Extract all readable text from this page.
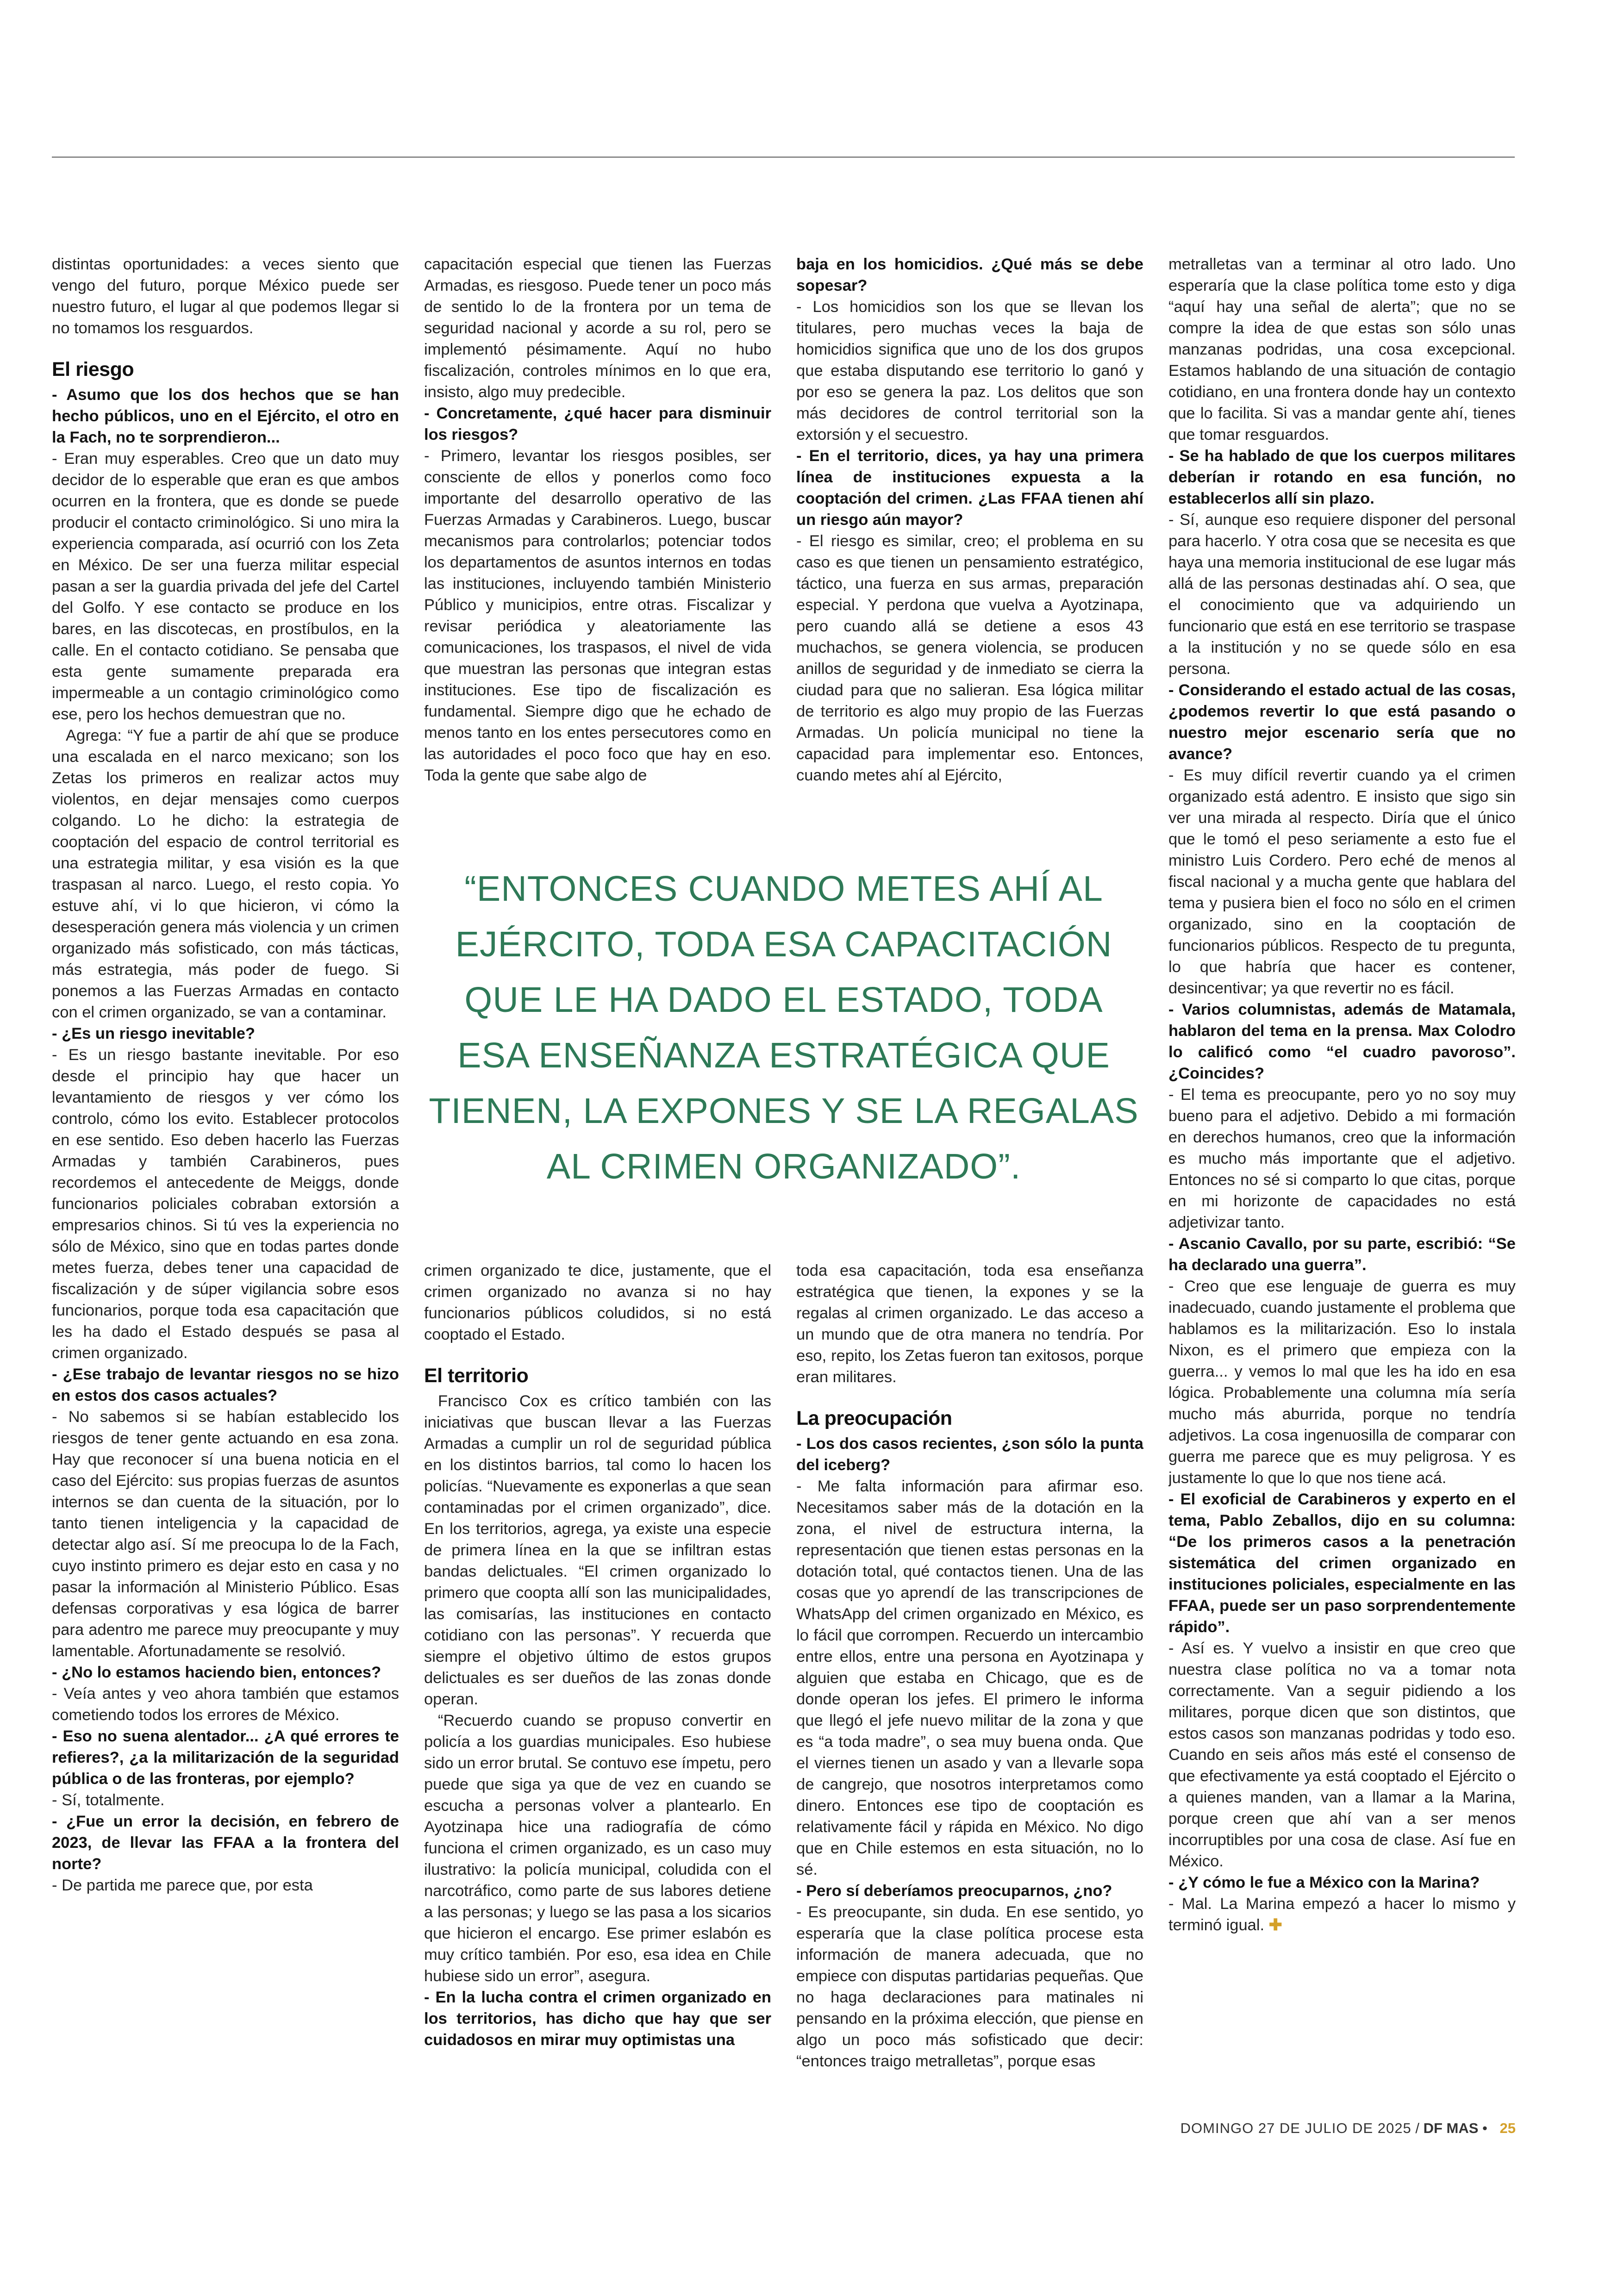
distintas oportunidades: a veces siento que vengo del futuro, porque México puede ser nuestro futuro, el lugar al que podemos llegar si no tomamos los resguardos.

El riesgo

- Asumo que los dos hechos que se han hecho públicos, uno en el Ejército, el otro en la Fach, no te sorprendieron...

- Eran muy esperables. Creo que un dato muy decidor de lo esperable que eran es que ambos ocurren en la frontera, que es donde se puede producir el contacto criminológico. Si uno mira la experiencia comparada, así ocurrió con los Zeta en México. De ser una fuerza militar especial pasan a ser la guardia privada del jefe del Cartel del Golfo. Y ese contacto se produce en los bares, en las discotecas, en prostíbulos, en la calle. En el contacto cotidiano. Se pensaba que esta gente sumamente preparada era impermeable a un contagio criminológico como ese, pero los hechos demuestran que no.

Agrega: “Y fue a partir de ahí que se produce una escalada en el narco mexicano; son los Zetas los primeros en realizar actos muy violentos, en dejar mensajes como cuerpos colgando. Lo he dicho: la estrategia de cooptación del espacio de control territorial es una estrategia militar, y esa visión es la que traspasan al narco. Luego, el resto copia. Yo estuve ahí, vi lo que hicieron, vi cómo la desesperación genera más violencia y un crimen organizado más sofisticado, con más tácticas, más estrategia, más poder de fuego. Si ponemos a las Fuerzas Armadas en contacto con el crimen organizado, se van a contaminar.

- ¿Es un riesgo inevitable?

- Es un riesgo bastante inevitable. Por eso desde el principio hay que hacer un levantamiento de riesgos y ver cómo los controlo, cómo los evito. Establecer protocolos en ese sentido. Eso deben hacerlo las Fuerzas Armadas y también Carabineros, pues recordemos el antecedente de Meiggs, donde funcionarios policiales cobraban extorsión a empresarios chinos. Si tú ves la experiencia no sólo de México, sino que en todas partes donde metes fuerza, debes tener una capacidad de fiscalización y de súper vigilancia sobre esos funcionarios, porque toda esa capacitación que les ha dado el Estado después se pasa al crimen organizado.

- ¿Ese trabajo de levantar riesgos no se hizo en estos dos casos actuales?

- No sabemos si se habían establecido los riesgos de tener gente actuando en esa zona. Hay que reconocer sí una buena noticia en el caso del Ejército: sus propias fuerzas de asuntos internos se dan cuenta de la situación, por lo tanto tienen inteligencia y la capacidad de detectar algo así. Sí me preocupa lo de la Fach, cuyo instinto primero es dejar esto en casa y no pasar la información al Ministerio Público. Esas defensas corporativas y esa lógica de barrer para adentro me parece muy preocupante y muy lamentable. Afortunadamente se resolvió.

- ¿No lo estamos haciendo bien, entonces?

- Veía antes y veo ahora también que estamos cometiendo todos los errores de México.

- Eso no suena alentador... ¿A qué errores te refieres?, ¿a la militarización de la seguridad pública o de las fronteras, por ejemplo?

- Sí, totalmente.

- ¿Fue un error la decisión, en febrero de 2023, de llevar las FFAA a la frontera del norte?

- De partida me parece que, por esta

capacitación especial que tienen las Fuerzas Armadas, es riesgoso. Puede tener un poco más de sentido lo de la frontera por un tema de seguridad nacional y acorde a su rol, pero se implementó pésimamente. Aquí no hubo fiscalización, controles mínimos en lo que era, insisto, algo muy predecible.

- Concretamente, ¿qué hacer para disminuir los riesgos?

- Primero, levantar los riesgos posibles, ser consciente de ellos y ponerlos como foco importante del desarrollo operativo de las Fuerzas Armadas y Carabineros. Luego, buscar mecanismos para controlarlos; potenciar todos los departamentos de asuntos internos en todas las instituciones, incluyendo también Ministerio Público y municipios, entre otras. Fiscalizar y revisar periódica y aleatoriamente las comunicaciones, los traspasos, el nivel de vida que muestran las personas que integran estas instituciones. Ese tipo de fiscalización es fundamental. Siempre digo que he echado de menos tanto en los entes persecutores como en las autoridades el poco foco que hay en eso. Toda la gente que sabe algo de

baja en los homicidios. ¿Qué más se debe sopesar?

- Los homicidios son los que se llevan los titulares, pero muchas veces la baja de homicidios significa que uno de los dos grupos que estaba disputando ese territorio lo ganó y por eso se genera la paz. Los delitos que son más decidores de control territorial son la extorsión y el secuestro.

- En el territorio, dices, ya hay una primera línea de instituciones expuesta a la cooptación del crimen. ¿Las FFAA tienen ahí un riesgo aún mayor?

- El riesgo es similar, creo; el problema en su caso es que tienen un pensamiento estratégico, táctico, una fuerza en sus armas, preparación especial. Y perdona que vuelva a Ayotzinapa, pero cuando allá se detiene a esos 43 muchachos, se genera violencia, se producen anillos de seguridad y de inmediato se cierra la ciudad para que no salieran. Esa lógica militar de territorio es algo muy propio de las Fuerzas Armadas. Un policía municipal no tiene la capacidad para implementar eso. Entonces, cuando metes ahí al Ejército,

“ENTONCES CUANDO METES AHÍ AL EJÉRCITO, TODA ESA CAPACITACIÓN QUE LE HA DADO EL ESTADO, TODA ESA ENSEÑANZA ESTRATÉGICA QUE TIENEN, LA EXPONES Y SE LA REGALAS AL CRIMEN ORGANIZADO”.

crimen organizado te dice, justamente, que el crimen organizado no avanza si no hay funcionarios públicos coludidos, si no está cooptado el Estado.

El territorio

Francisco Cox es crítico también con las iniciativas que buscan llevar a las Fuerzas Armadas a cumplir un rol de seguridad pública en los distintos barrios, tal como lo hacen los policías. “Nuevamente es exponerlas a que sean contaminadas por el crimen organizado”, dice. En los territorios, agrega, ya existe una especie de primera línea en la que se infiltran estas bandas delictuales. “El crimen organizado lo primero que coopta allí son las municipalidades, las comisarías, las instituciones en contacto cotidiano con las personas”. Y recuerda que siempre el objetivo último de estos grupos delictuales es ser dueños de las zonas donde operan.

“Recuerdo cuando se propuso convertir en policía a los guardias municipales. Eso hubiese sido un error brutal. Se contuvo ese ímpetu, pero puede que siga ya que de vez en cuando se escucha a personas volver a plantearlo. En Ayotzinapa hice una radiografía de cómo funciona el crimen organizado, es un caso muy ilustrativo: la policía municipal, coludida con el narcotráfico, como parte de sus labores detiene a las personas; y luego se las pasa a los sicarios que hicieron el encargo. Ese primer eslabón es muy crítico también. Por eso, esa idea en Chile hubiese sido un error”, asegura.

- En la lucha contra el crimen organizado en los territorios, has dicho que hay que ser cuidadosos en mirar muy optimistas una

toda esa capacitación, toda esa enseñanza estratégica que tienen, la expones y se la regalas al crimen organizado. Le das acceso a un mundo que de otra manera no tendría. Por eso, repito, los Zetas fueron tan exitosos, porque eran militares.

La preocupación

- Los dos casos recientes, ¿son sólo la punta del iceberg?

- Me falta información para afirmar eso. Necesitamos saber más de la dotación en la zona, el nivel de estructura interna, la representación que tienen estas personas en la dotación total, qué contactos tienen. Una de las cosas que yo aprendí de las transcripciones de WhatsApp del crimen organizado en México, es lo fácil que corrompen. Recuerdo un intercambio entre ellos, entre una persona en Ayotzinapa y alguien que estaba en Chicago, que es de donde operan los jefes. El primero le informa que llegó el jefe nuevo militar de la zona y que es “a toda madre”, o sea muy buena onda. Que el viernes tienen un asado y van a llevarle sopa de cangrejo, que nosotros interpretamos como dinero. Entonces ese tipo de cooptación es relativamente fácil y rápida en México. No digo que en Chile estemos en esta situación, no lo sé.

- Pero sí deberíamos preocuparnos, ¿no?

- Es preocupante, sin duda. En ese sentido, yo esperaría que la clase política procese esta información de manera adecuada, que no empiece con disputas partidarias pequeñas. Que no haga declaraciones para matinales ni pensando en la próxima elección, que piense en algo un poco más sofisticado que decir: “entonces traigo metralletas”, porque esas

metralletas van a terminar al otro lado. Uno esperaría que la clase política tome esto y diga “aquí hay una señal de alerta”; que no se compre la idea de que estas son sólo unas manzanas podridas, una cosa excepcional. Estamos hablando de una situación de contagio cotidiano, en una frontera donde hay un contexto que lo facilita. Si vas a mandar gente ahí, tienes que tomar resguardos.

- Se ha hablado de que los cuerpos militares deberían ir rotando en esa función, no establecerlos allí sin plazo.

- Sí, aunque eso requiere disponer del personal para hacerlo. Y otra cosa que se necesita es que haya una memoria institucional de ese lugar más allá de las personas destinadas ahí. O sea, que el conocimiento que va adquiriendo un funcionario que está en ese territorio se traspase a la institución y no se quede sólo en esa persona.

- Considerando el estado actual de las cosas, ¿podemos revertir lo que está pasando o nuestro mejor escenario sería que no avance?

- Es muy difícil revertir cuando ya el crimen organizado está adentro. E insisto que sigo sin ver una mirada al respecto. Diría que el único que le tomó el peso seriamente a esto fue el ministro Luis Cordero. Pero eché de menos al fiscal nacional y a mucha gente que hablara del tema y pusiera bien el foco no sólo en el crimen organizado, sino en la cooptación de funcionarios públicos. Respecto de tu pregunta, lo que habría que hacer es contener, desincentivar; ya que revertir no es fácil.

- Varios columnistas, además de Matamala, hablaron del tema en la prensa. Max Colodro lo calificó como “el cuadro pavoroso”. ¿Coincides?

- El tema es preocupante, pero yo no soy muy bueno para el adjetivo. Debido a mi formación en derechos humanos, creo que la información es mucho más importante que el adjetivo. Entonces no sé si comparto lo que citas, porque en mi horizonte de capacidades no está adjetivizar tanto.

- Ascanio Cavallo, por su parte, escribió: “Se ha declarado una guerra”.

- Creo que ese lenguaje de guerra es muy inadecuado, cuando justamente el problema que hablamos es la militarización. Eso lo instala Nixon, es el primero que empieza con la guerra... y vemos lo mal que les ha ido en esa lógica. Probablemente una columna mía sería mucho más aburrida, porque no tendría adjetivos. La cosa ingenuosilla de comparar con guerra me parece que es muy peligrosa. Y es justamente lo que lo que nos tiene acá.

- El exoficial de Carabineros y experto en el tema, Pablo Zeballos, dijo en su columna: “De los primeros casos a la penetración sistemática del crimen organizado en instituciones policiales, especialmente en las FFAA, puede ser un paso sorprendentemente rápido”.

- Así es. Y vuelvo a insistir en que creo que nuestra clase política no va a tomar nota correctamente. Van a seguir pidiendo a los militares, porque dicen que son distintos, que estos casos son manzanas podridas y todo eso. Cuando en seis años más esté el consenso de que efectivamente ya está cooptado el Ejército o a quienes manden, van a llamar a la Marina, porque creen que ahí van a ser menos incorruptibles por una cosa de clase. Así fue en México.

- ¿Y cómo le fue a México con la Marina?

- Mal. La Marina empezó a hacer lo mismo y terminó igual. ✚

DOMINGO 27 DE JULIO DE 2025 / DF MAS • 25
